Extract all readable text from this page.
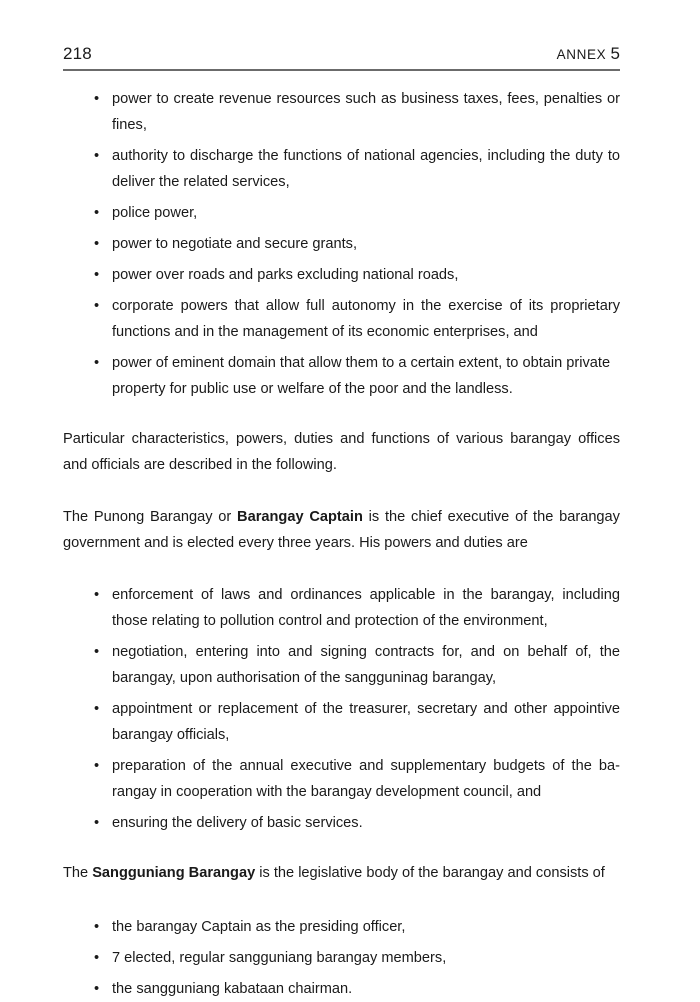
218	ANNEX 5
• power to create revenue resources such as business taxes, fees, penalties or fines,
• authority to discharge the functions of national agencies, including the duty to deliver the related services,
• police power,
• power to negotiate and secure grants,
• power over roads and parks excluding national roads,
• corporate powers that allow full autonomy in the exercise of its proprietary functions and in the management of its economic enterprises, and
• power of eminent domain that allow them to a certain extent, to obtain private property for public use or welfare of the poor and the landless.

Particular characteristics, powers, duties and functions of various barangay offices and officials are described in the following.

The Punong Barangay or Barangay Captain is the chief executive of the barangay government and is elected every three years. His powers and duties are

• enforcement of laws and ordinances applicable in the barangay, including those relating to pollution control and protection of the environment,
• negotiation, entering into and signing contracts for, and on behalf of, the barangay, upon authorisation of the sangguninag barangay,
• appointment or replacement of the treasurer, secretary and other appointive barangay officials,
• preparation of the annual executive and supplementary budgets of the barangay in cooperation with the barangay development council, and
• ensuring the delivery of basic services.

The Sangguniang Barangay is the legislative body of the barangay and consists of

• the barangay Captain as the presiding officer,
• 7 elected, regular sangguniang barangay members,
• the sangguniang kabataan chairman.
